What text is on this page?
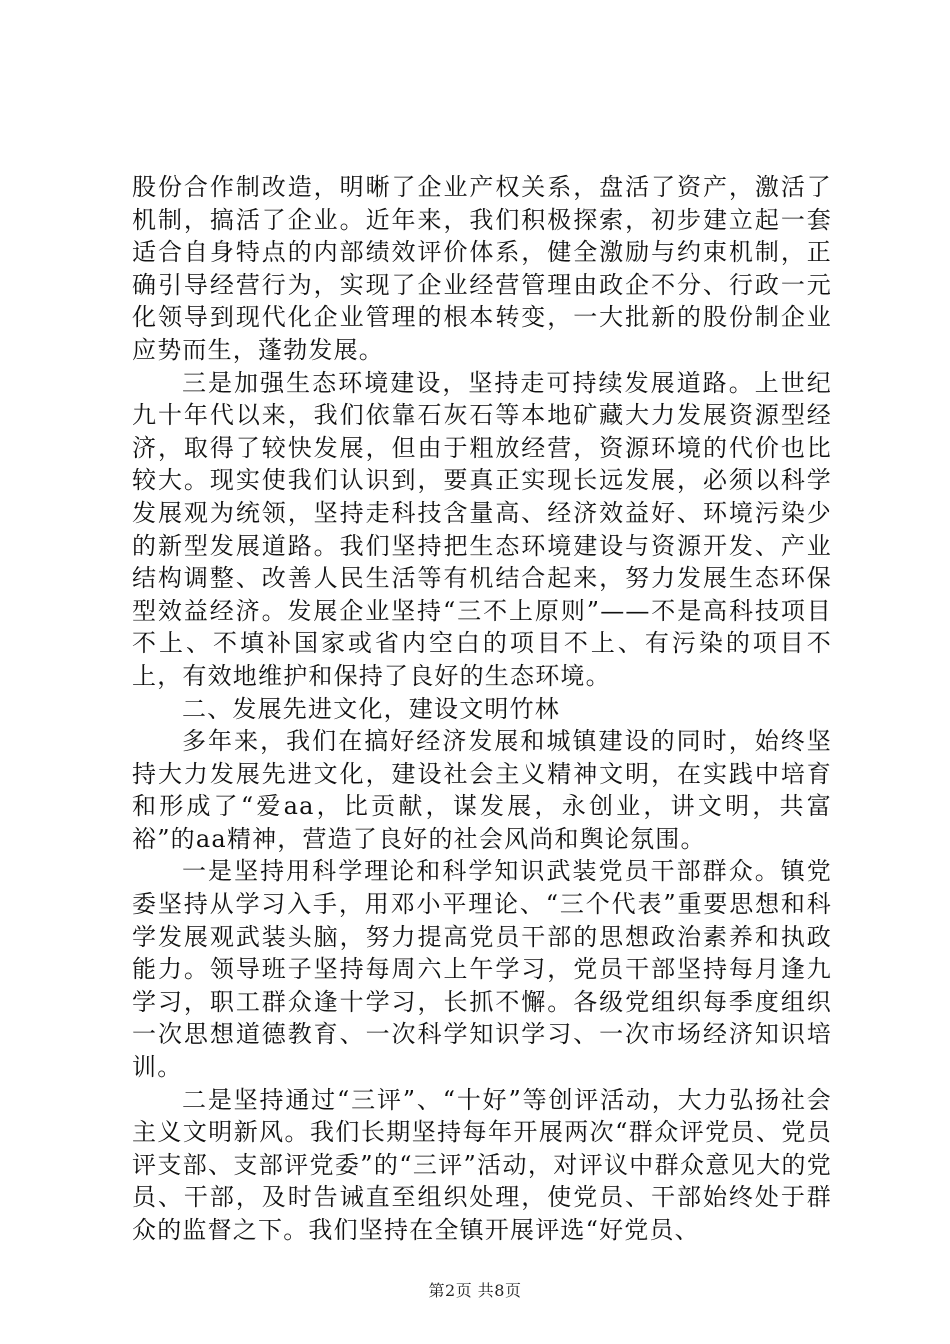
股份合作制改造，明晰了企业产权关系，盘活了资产，激活了机制，搞活了企业。近年来，我们积极探索，初步建立起一套适合自身特点的内部绩效评价体系，健全激励与约束机制，正确引导经营行为，实现了企业经营管理由政企不分、行政一元化领导到现代化企业管理的根本转变，一大批新的股份制企业应势而生，蓬勃发展。

三是加强生态环境建设，坚持走可持续发展道路。上世纪九十年代以来，我们依靠石灰石等本地矿藏大力发展资源型经济，取得了较快发展，但由于粗放经营，资源环境的代价也比较大。现实使我们认识到，要真正实现长远发展，必须以科学发展观为统领，坚持走科技含量高、经济效益好、环境污染少的新型发展道路。我们坚持把生态环境建设与资源开发、产业结构调整、改善人民生活等有机结合起来，努力发展生态环保型效益经济。发展企业坚持“三不上原则”——不是高科技项目不上、不填补国家或省内空白的项目不上、有污染的项目不上，有效地维护和保持了良好的生态环境。

二、发展先进文化，建设文明竹林

多年来，我们在搞好经济发展和城镇建设的同时，始终坚持大力发展先进文化，建设社会主义精神文明，在实践中培育和形成了“爱aa，比贡献，谋发展，永创业，讲文明，共富裕”的aa精神，营造了良好的社会风尚和舆论氛围。

一是坚持用科学理论和科学知识武装党员干部群众。镇党委坚持从学习入手，用邓小平理论、“三个代表”重要思想和科学发展观武装头脑，努力提高党员干部的思想政治素养和执政能力。领导班子坚持每周六上午学习，党员干部坚持每月逢九学习，职工群众逢十学习，长抓不懈。各级党组织每季度组织一次思想道德教育、一次科学知识学习、一次市场经济知识培训。

二是坚持通过“三评”、“十好”等创评活动，大力弘扬社会主义文明新风。我们长期坚持每年开展两次“群众评党员、党员评支部、支部评党委”的“三评”活动，对评议中群众意见大的党员、干部，及时告诫直至组织处理，使党员、干部始终处于群众的监督之下。我们坚持在全镇开展评选“好党员、

第2页 共8页
